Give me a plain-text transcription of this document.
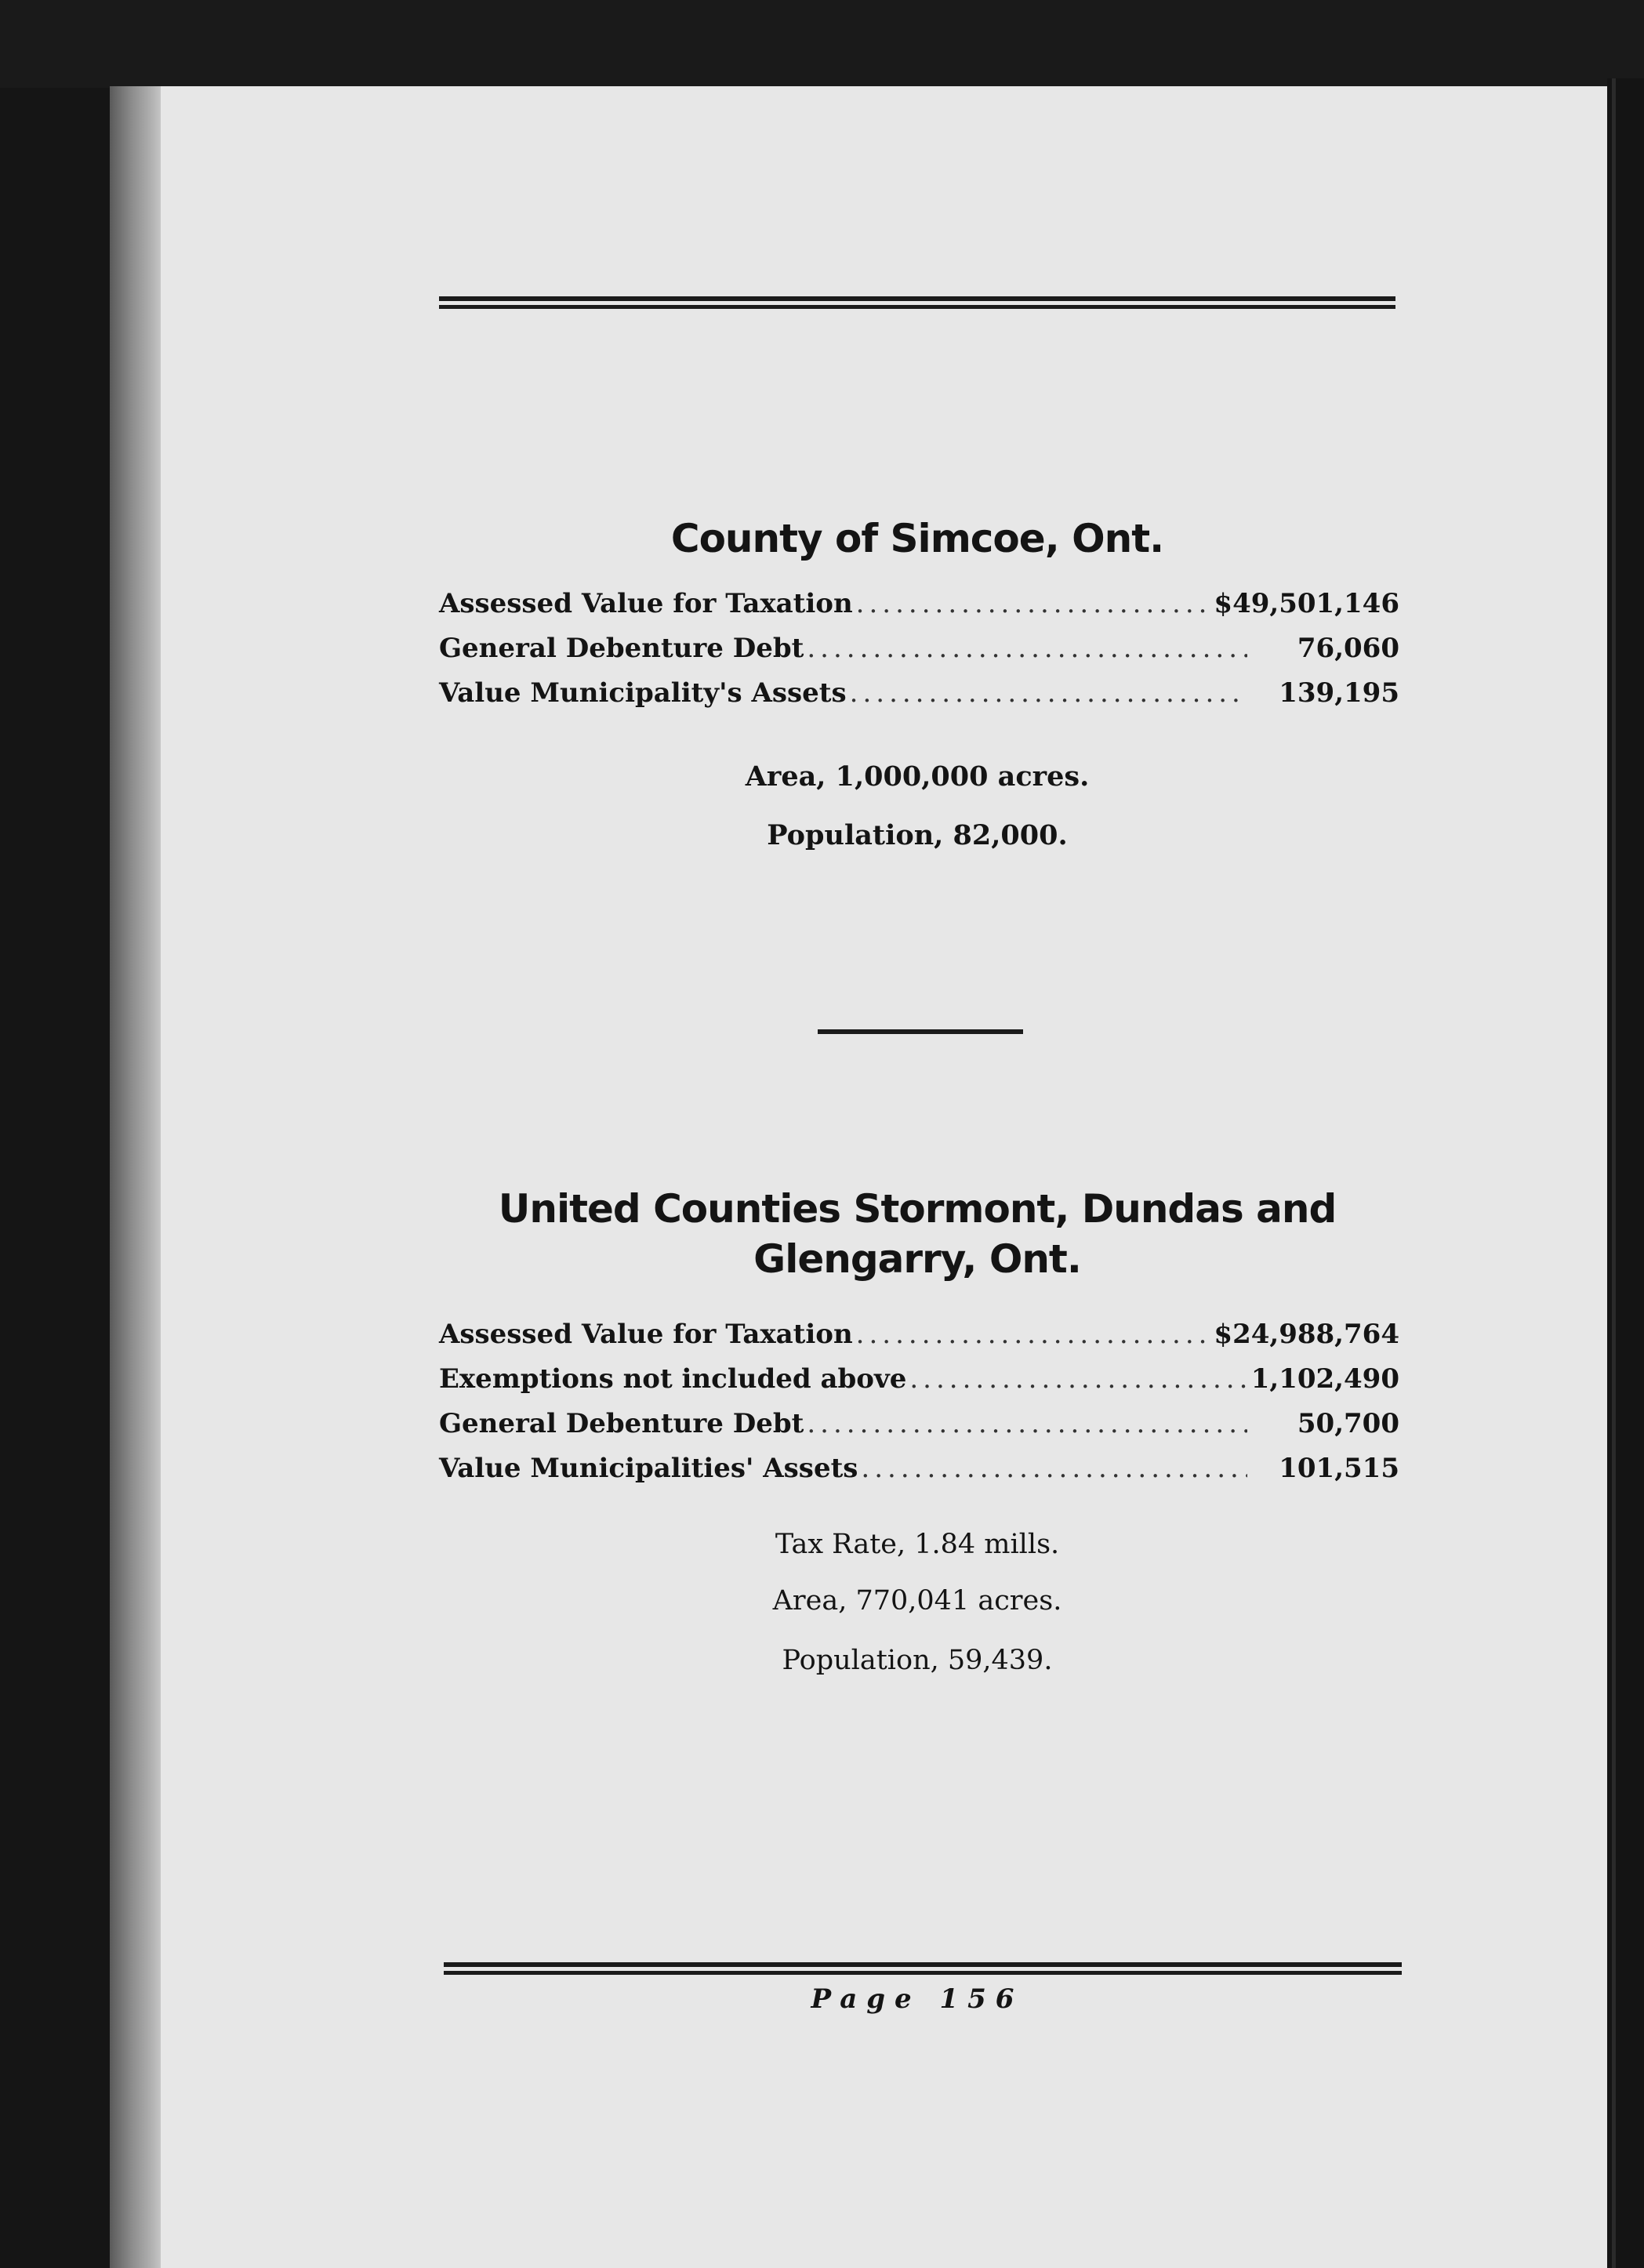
County of Simcoe, Ont.
Assessed Value for Taxation .....	$49,501,146
General Debenture Debt .....	76,060
Value Municipality's Assets .....	139,195
Area, 1,000,000 acres.
Population, 82,000.
United Counties Stormont, Dundas and Glengarry, Ont.
Assessed Value for Taxation .....	$24,988,764
Exemptions not included above .....	1,102,490
General Debenture Debt .....	50,700
Value Municipalities' Assets .....	101,515
Tax Rate, 1.84 mills.
Area, 770,041 acres.
Population, 59,439.
Page 156
